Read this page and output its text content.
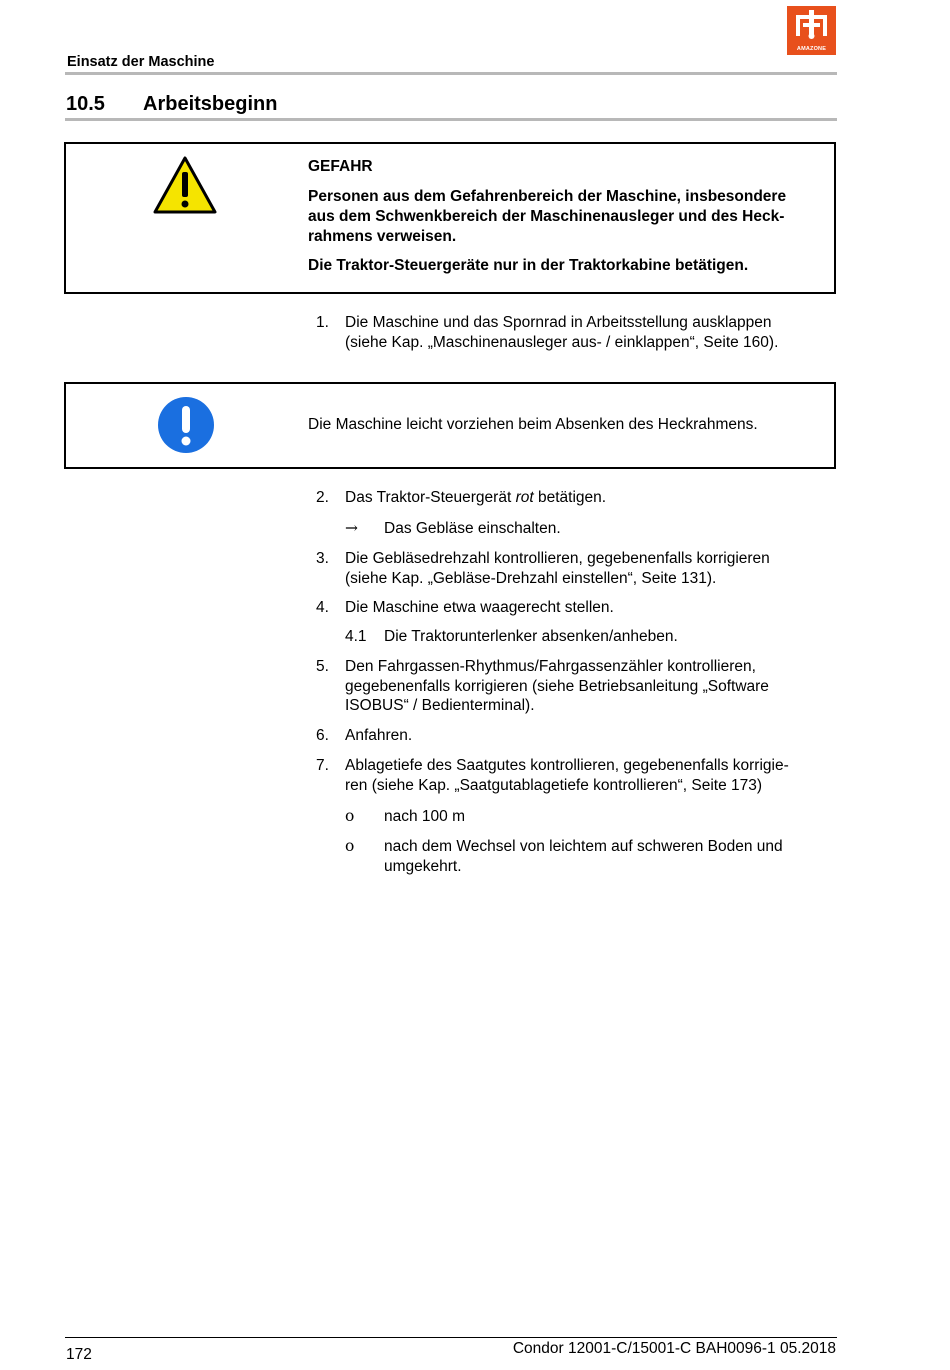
Einsatz der Maschine
AMAZONE
10.5 Arbeitsbeginn
GEFAHR
Personen aus dem Gefahrenbereich der Maschine, insbesondere
aus dem Schwenkbereich der Maschinenausleger und des Heck-
rahmens verweisen.
Die Traktor-Steuergeräte nur in der Traktorkabine betätigen.
1. Die Maschine und das Spornrad in Arbeitsstellung ausklappen
(siehe Kap. „Maschinenausleger aus- / einklappen“, Seite 160).
Die Maschine leicht vorziehen beim Absenken des Heckrahmens.
2. Das Traktor-Steuergerät rot betätigen.
→ Das Gebläse einschalten.
3. Die Gebläsedrehzahl kontrollieren, gegebenenfalls korrigieren
(siehe Kap. „Gebläse-Drehzahl einstellen“, Seite 131).
4. Die Maschine etwa waagerecht stellen.
4.1 Die Traktorunterlenker absenken/anheben.
5. Den Fahrgassen-Rhythmus/Fahrgassenzähler kontrollieren,
gegebenenfalls korrigieren (siehe Betriebsanleitung „Software
ISOBUS“ / Bedienterminal).
6. Anfahren.
7. Ablagetiefe des Saatgutes kontrollieren, gegebenenfalls korrigie-
ren (siehe Kap. „Saatgutablagetiefe kontrollieren“, Seite 173)
ο nach 100 m
ο nach dem Wechsel von leichtem auf schweren Boden und
umgekehrt.
172	Condor 12001-C/15001-C BAH0096-1 05.2018
